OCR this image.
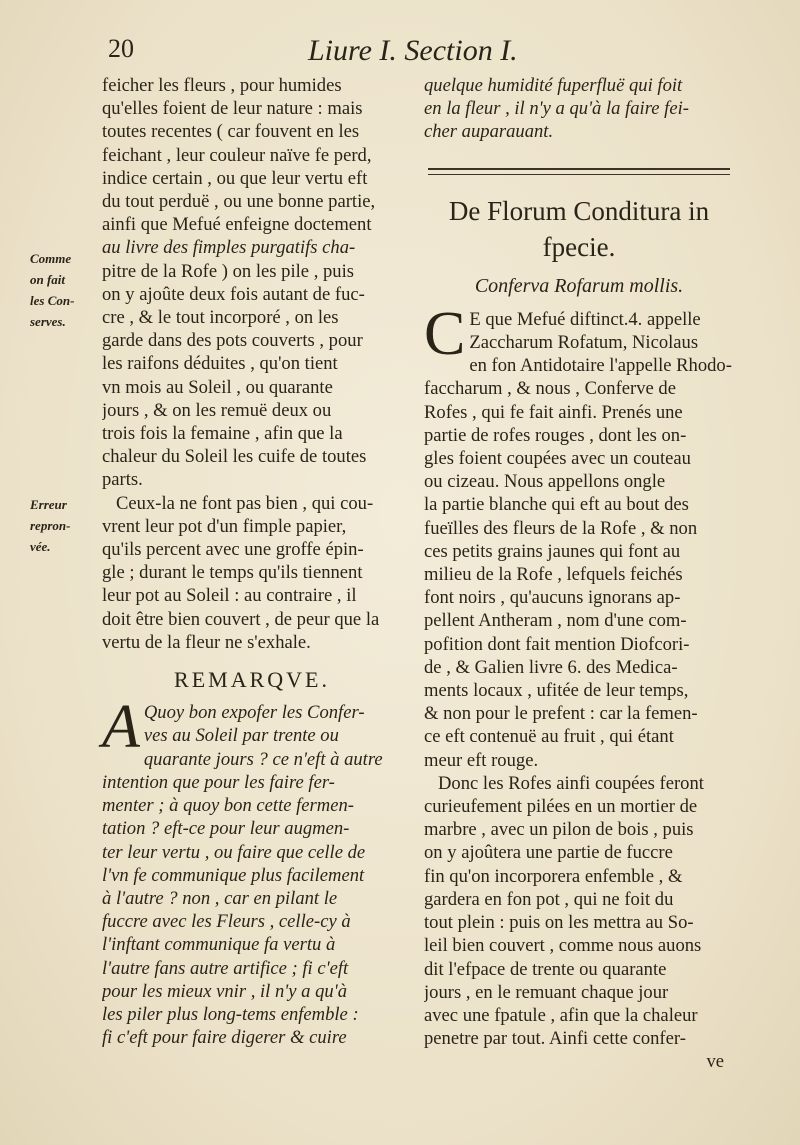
20	Liure I. Section I.
Comme
on fait
les Con-
serves.
Erreur
repron-
vée.
feicher les fleurs , pour humides
qu'elles foient de leur nature : mais
toutes recentes ( car fouvent en les
feichant , leur couleur naïve fe perd,
indice certain , ou que leur vertu eft
du tout perduë , ou une bonne partie,
ainfi que Mefué enfeigne doctement
au livre des fimples purgatifs cha-
pitre de la Rofe ) on les pile , puis
on y ajoûte deux fois autant de fuc-
cre , & le tout incorporé , on les
garde dans des pots couverts , pour
les raifons déduites , qu'on tient
vn mois au Soleil , ou quarante
jours , & on les remuë deux ou
trois fois la femaine , afin que la
chaleur du Soleil les cuife de toutes
parts.
Ceux-la ne font pas bien , qui cou-
vrent leur pot d'un fimple papier,
qu'ils percent avec une groffe épin-
gle ; durant le temps qu'ils tiennent
leur pot au Soleil : au contraire , il
doit être bien couvert , de peur que la
vertu de la fleur ne s'exhale.
REMARQVE.
A Quoy bon expofer les Confer-
ves au Soleil par trente ou
quarante jours ? ce n'eft à autre
intention que pour les faire fer-
menter ; à quoy bon cette fermen-
tation ? eft-ce pour leur augmen-
ter leur vertu , ou faire que celle de
l'vn fe communique plus facilement
à l'autre ? non , car en pilant le
fuccre avec les Fleurs , celle-cy à
l'inftant communique fa vertu à
l'autre fans autre artifice ; fi c'eft
pour les mieux vnir , il n'y a qu'à
les piler plus long-tems enfemble :
fi c'eft pour faire digerer & cuire
quelque humidité fuperfluë qui foit
en la fleur , il n'y a qu'à la faire fei-
cher auparauant.
De Florum Conditura in
fpecie.
Conferva Rofarum mollis.
C E que Mefué diftinct.4. appelle
Zaccharum Rofatum, Nicolaus
en fon Antidotaire l'appelle Rhodo-
faccharum , & nous , Conferve de
Rofes , qui fe fait ainfi. Prenés une
partie de rofes rouges , dont les on-
gles foient coupées avec un couteau
ou cizeau. Nous appellons ongle
la partie blanche qui eft au bout des
fueïlles des fleurs de la Rofe , & non
ces petits grains jaunes qui font au
milieu de la Rofe , lefquels feichés
font noirs , qu'aucuns ignorans ap-
pellent Antheram , nom d'une com-
pofition dont fait mention Diofcori-
de , & Galien livre 6. des Medica-
ments locaux , ufitée de leur temps,
& non pour le prefent : car la femen-
ce eft contenuë au fruit , qui étant
meur eft rouge.
Donc les Rofes ainfi coupées feront
curieufement pilées en un mortier de
marbre , avec un pilon de bois , puis
on y ajoûtera une partie de fuccre
fin qu'on incorporera enfemble , &
gardera en fon pot , qui ne foit du
tout plein : puis on les mettra au So-
leil bien couvert , comme nous auons
dit l'efpace de trente ou quarante
jours , en le remuant chaque jour
avec une fpatule , afin que la chaleur
penetre par tout. Ainfi cette confer-
ve
